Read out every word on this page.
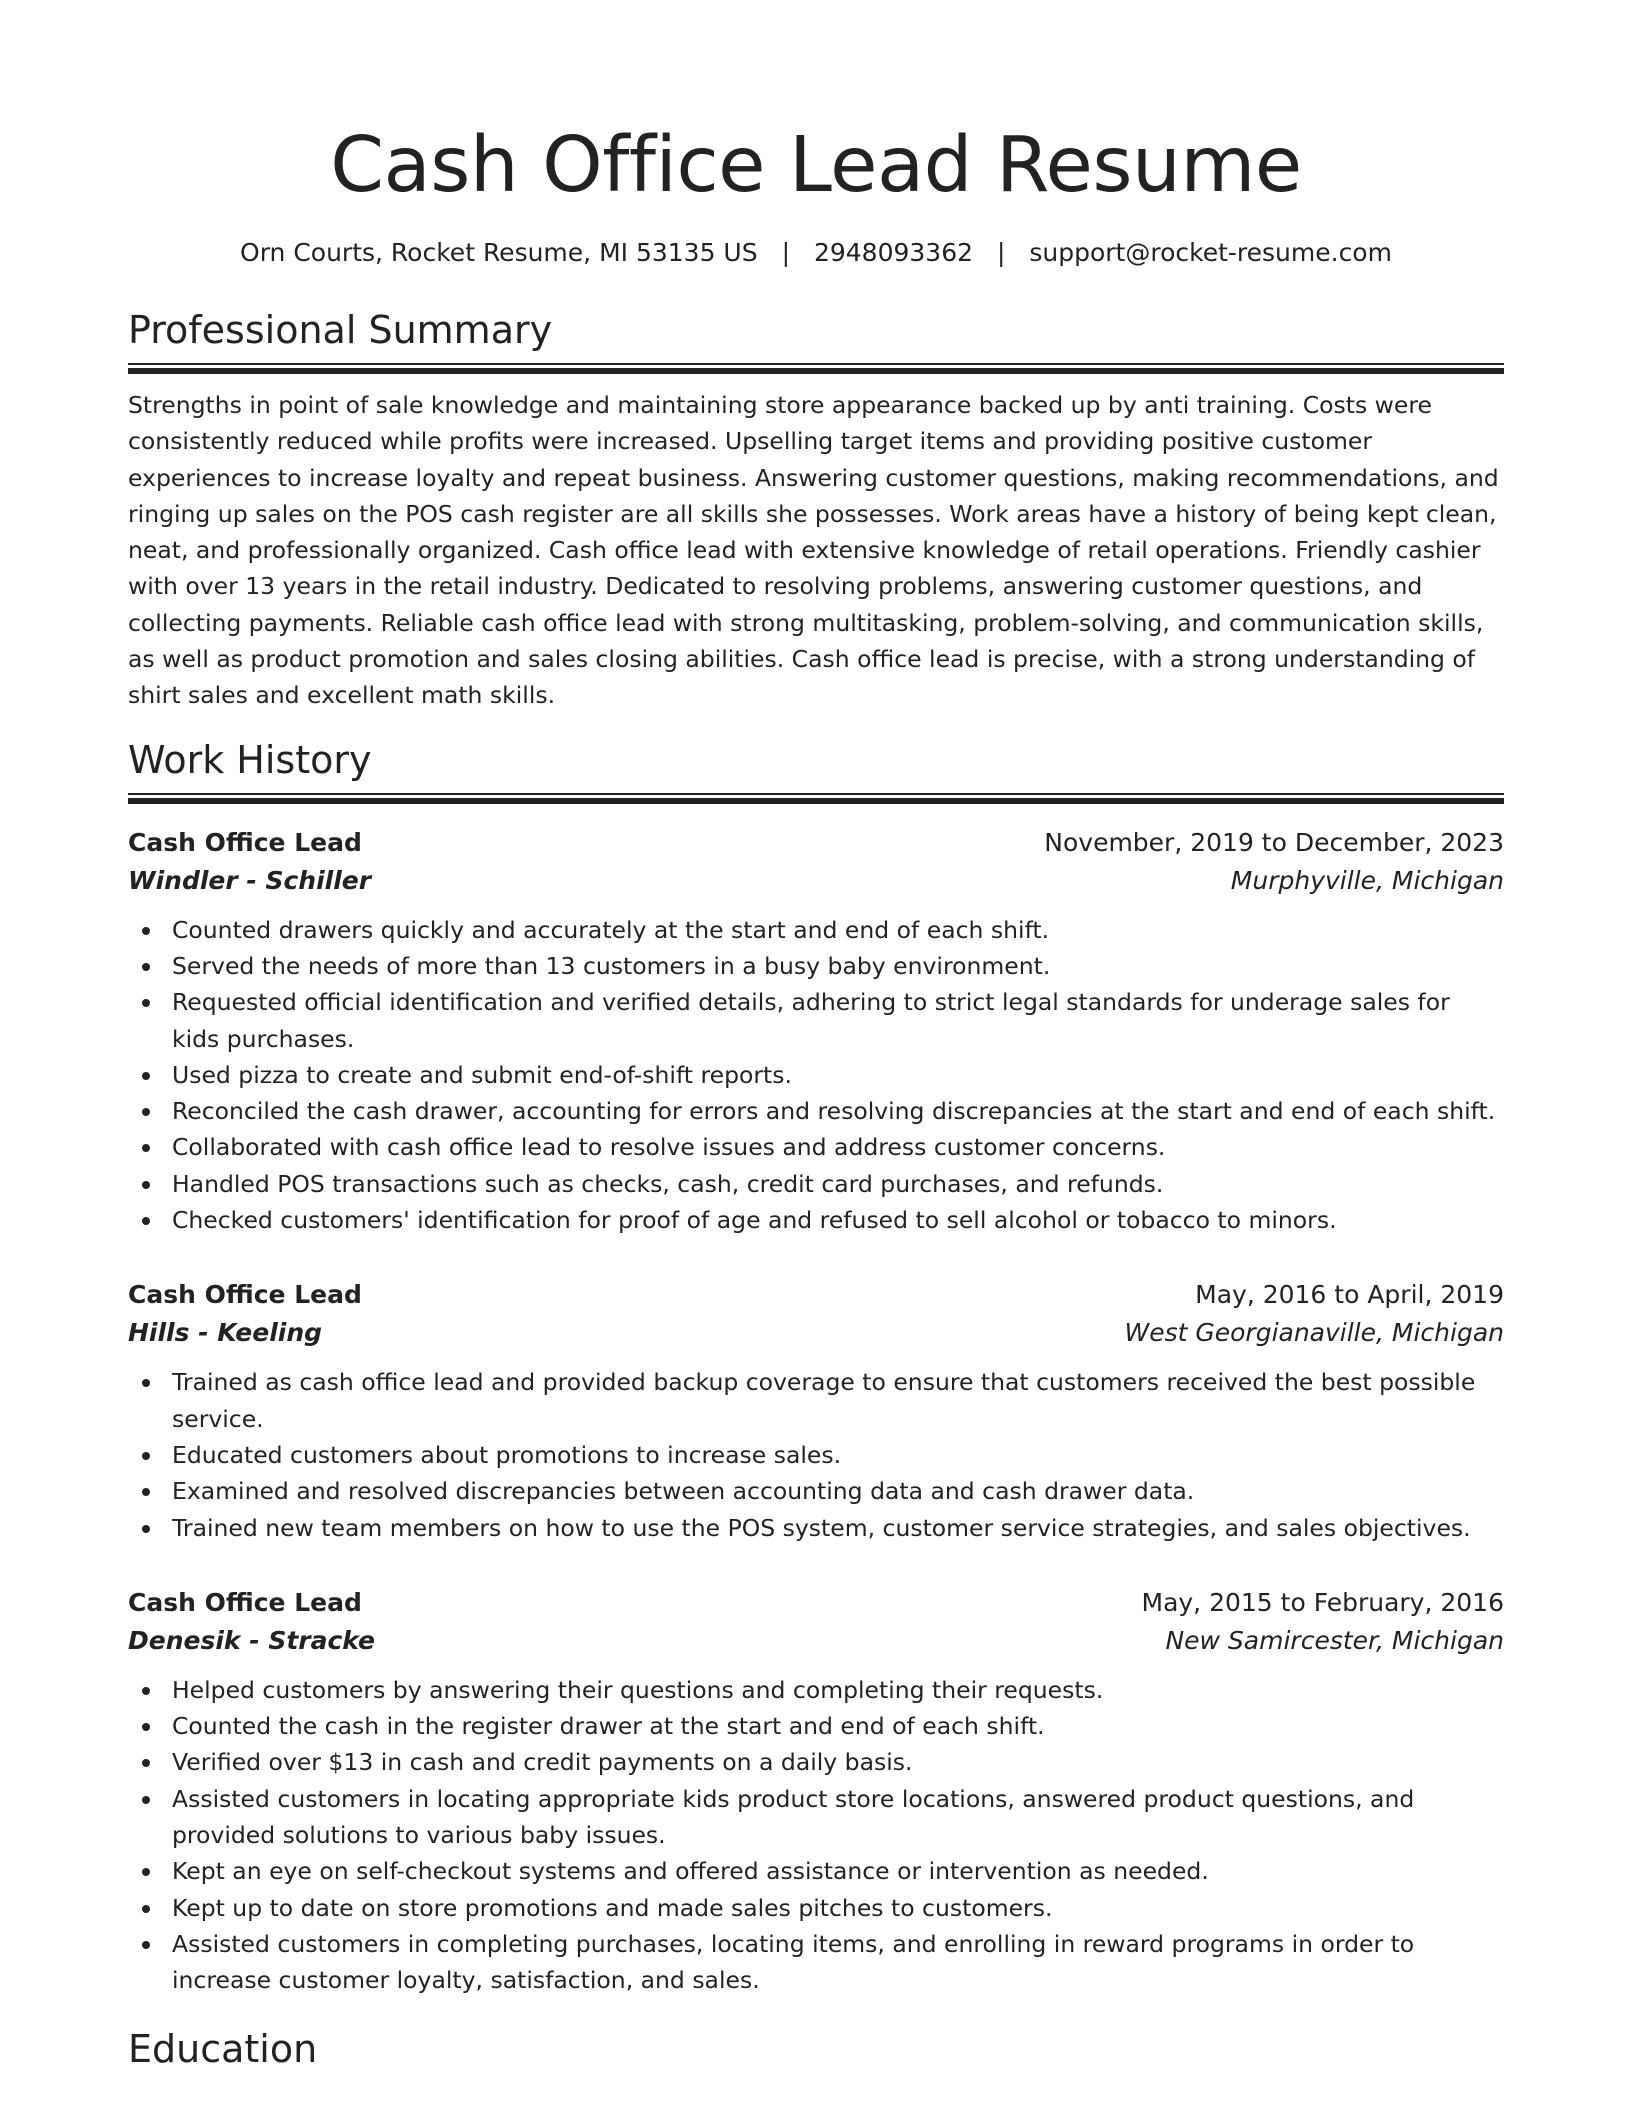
Cash Office Lead Resume
Orn Courts, Rocket Resume, MI 53135 US | 2948093362 | support@rocket-resume.com
Professional Summary

Strengths in point of sale knowledge and maintaining store appearance backed up by anti training. Costs were consistently reduced while profits were increased. Upselling target items and providing positive customer experiences to increase loyalty and repeat business. Answering customer questions, making recommendations, and ringing up sales on the POS cash register are all skills she possesses. Work areas have a history of being kept clean, neat, and professionally organized. Cash office lead with extensive knowledge of retail operations. Friendly cashier with over 13 years in the retail industry. Dedicated to resolving problems, answering customer questions, and collecting payments. Reliable cash office lead with strong multitasking, problem-solving, and communication skills, as well as product promotion and sales closing abilities. Cash office lead is precise, with a strong understanding of shirt sales and excellent math skills.

Work History
Cash Office Lead	November, 2019 to December, 2023
Windler - Schiller	Murphyville, Michigan
Counted drawers quickly and accurately at the start and end of each shift.
Served the needs of more than 13 customers in a busy baby environment.
Requested official identification and verified details, adhering to strict legal standards for underage sales for kids purchases.
Used pizza to create and submit end-of-shift reports.
Reconciled the cash drawer, accounting for errors and resolving discrepancies at the start and end of each shift.
Collaborated with cash office lead to resolve issues and address customer concerns.
Handled POS transactions such as checks, cash, credit card purchases, and refunds.
Checked customers' identification for proof of age and refused to sell alcohol or tobacco to minors.
Cash Office Lead	May, 2016 to April, 2019
Hills - Keeling	West Georgianaville, Michigan
Trained as cash office lead and provided backup coverage to ensure that customers received the best possible service.
Educated customers about promotions to increase sales.
Examined and resolved discrepancies between accounting data and cash drawer data.
Trained new team members on how to use the POS system, customer service strategies, and sales objectives.
Cash Office Lead	May, 2015 to February, 2016
Denesik - Stracke	New Samircester, Michigan
Helped customers by answering their questions and completing their requests.
Counted the cash in the register drawer at the start and end of each shift.
Verified over $13 in cash and credit payments on a daily basis.
Assisted customers in locating appropriate kids product store locations, answered product questions, and provided solutions to various baby issues.
Kept an eye on self-checkout systems and offered assistance or intervention as needed.
Kept up to date on store promotions and made sales pitches to customers.
Assisted customers in completing purchases, locating items, and enrolling in reward programs in order to increase customer loyalty, satisfaction, and sales.
Education
